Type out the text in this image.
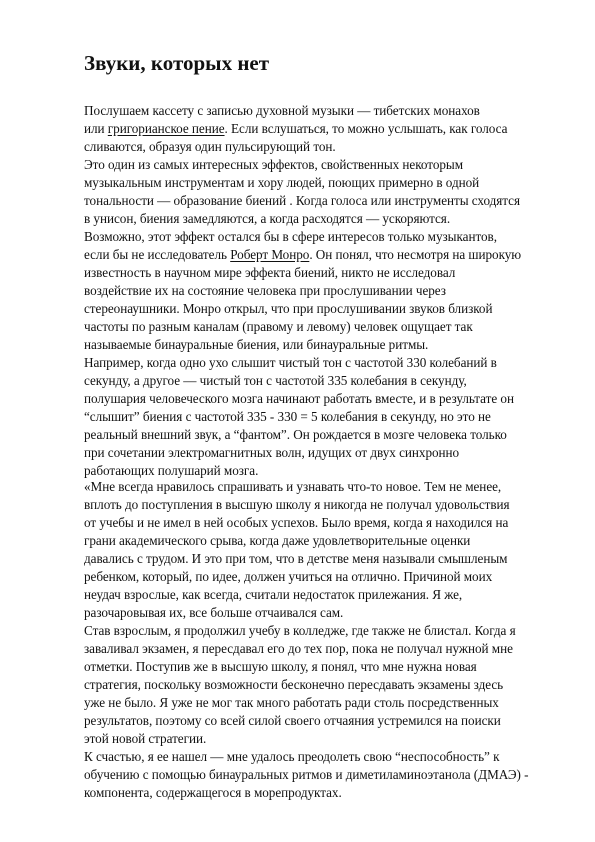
Звуки, которых нет
Послушаем кассету с записью духовной музыки — тибетских монахов
или григорианское пение. Если вслушаться, то можно услышать, как голоса
сливаются, образуя один пульсирующий тон.
Это один из самых интересных эффектов, свойственных некоторым
музыкальным инструментам и хору людей, поющих примерно в одной
тональности — образование биений . Когда голоса или инструменты сходятся
в унисон, биения замедляются, а когда расходятся — ускоряются.
Возможно, этот эффект остался бы в сфере интересов только музыкантов,
если бы не исследователь Роберт Монро. Он понял, что несмотря на широкую
известность в научном мире эффекта биений, никто не исследовал
воздействие их на состояние человека при прослушивании через
стереонаушники. Монро открыл, что при прослушивании звуков близкой
частоты по разным каналам (правому и левому) человек ощущает так
называемые бинауральные биения, или бинауральные ритмы.
Например, когда одно ухо слышит чистый тон с частотой 330 колебаний в
секунду, а другое — чистый тон с частотой 335 колебания в секунду,
полушария человеческого мозга начинают работать вместе, и в результате он
“слышит” биения с частотой 335 - 330 = 5 колебания в секунду, но это не
реальный внешний звук, а “фантом”. Он рождается в мозге человека только
при сочетании электромагнитных волн, идущих от двух синхронно
работающих полушарий мозга.
«Мне всегда нравилось спрашивать и узнавать что-то новое. Тем не менее,
вплоть до поступления в высшую школу я никогда не получал удовольствия
от учебы и не имел в ней особых успехов. Было время, когда я находился на
грани академического срыва, когда даже удовлетворительные оценки
давались с трудом. И это при том, что в детстве меня называли смышленым
ребенком, который, по идее, должен учиться на отлично. Причиной моих
неудач взрослые, как всегда, считали недостаток прилежания. Я же,
разочаровывая их, все больше отчаивался сам.
Став взрослым, я продолжил учебу в колледже, где также не блистал. Когда я
заваливал экзамен, я пересдавал его до тех пор, пока не получал нужной мне
отметки. Поступив же в высшую школу, я понял, что мне нужна новая
стратегия, поскольку возможности бесконечно пересдавать экзамены здесь
уже не было. Я уже не мог так много работать ради столь посредственных
результатов, поэтому со всей силой своего отчаяния устремился на поиски
этой новой стратегии.
К счастью, я ее нашел — мне удалось преодолеть свою “неспособность” к
обучению с помощью бинауральных ритмов и диметиламиноэтанола (ДМАЭ) -
компонента, содержащегося в морепродуктах.
